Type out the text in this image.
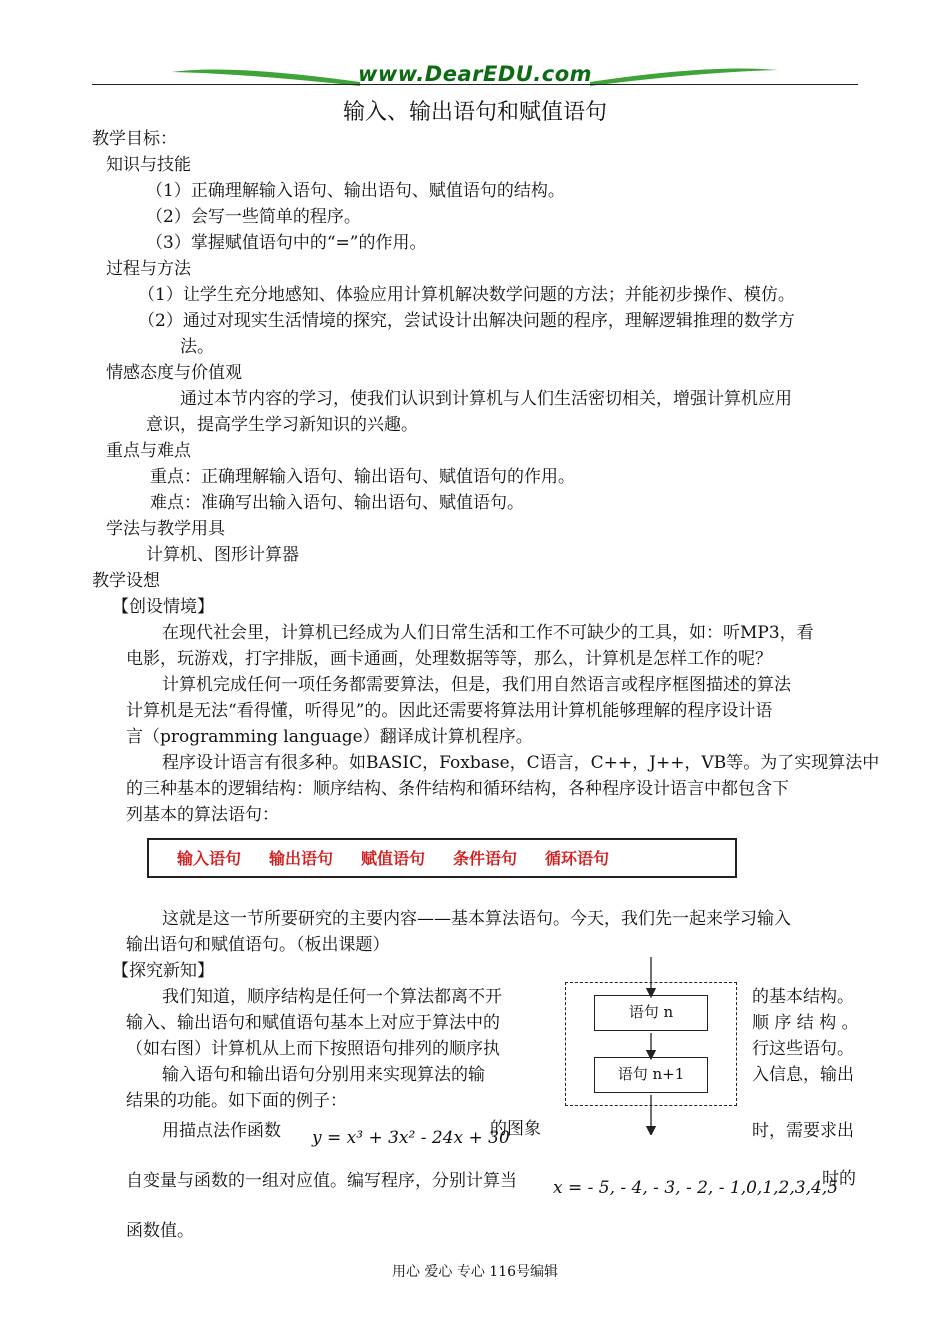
www.DearEDU.com
输入、输出语句和赋值语句
教学目标：
知识与技能
（1）正确理解输入语句、输出语句、赋值语句的结构。
（2）会写一些简单的程序。
（3）掌握赋值语句中的“=”的作用。
过程与方法
（1）让学生充分地感知、体验应用计算机解决数学问题的方法；并能初步操作、模仿。
（2）通过对现实生活情境的探究，尝试设计出解决问题的程序，理解逻辑推理的数学方
法。
情感态度与价值观
通过本节内容的学习，使我们认识到计算机与人们生活密切相关，增强计算机应用
意识，提高学生学习新知识的兴趣。
重点与难点
重点：正确理解输入语句、输出语句、赋值语句的作用。
难点：准确写出输入语句、输出语句、赋值语句。
学法与教学用具
计算机、图形计算器
教学设想
【创设情境】
在现代社会里，计算机已经成为人们日常生活和工作不可缺少的工具，如：听MP3，看
电影，玩游戏，打字排版，画卡通画，处理数据等等，那么，计算机是怎样工作的呢？
计算机完成任何一项任务都需要算法，但是，我们用自然语言或程序框图描述的算法
计算机是无法“看得懂，听得见”的。因此还需要将算法用计算机能够理解的程序设计语
言（programming language）翻译成计算机程序。
程序设计语言有很多种。如BASIC，Foxbase，C语言，C++，J++，VB等。为了实现算法中
的三种基本的逻辑结构：顺序结构、条件结构和循环结构，各种程序设计语言中都包含下
列基本的算法语句：
输入语句 输出语句 赋值语句 条件语句 循环语句
这就是这一节所要研究的主要内容——基本算法语句。今天，我们先一起来学习输入
输出语句和赋值语句。（板出课题）
【探究新知】
我们知道，顺序结构是任何一个算法都离不开	的基本结构。
输入、输出语句和赋值语句基本上对应于算法中的	顺 序 结 构 。
（如右图）计算机从上而下按照语句排列的顺序执	行这些语句。
输入语句和输出语句分别用来实现算法的输	入信息，输出
结果的功能。如下面的例子：
语句 n
语句 n+1
用描点法作函数 y = x³ + 3x² - 24x + 30
的图象	时，需要求出
自变量与函数的一组对应值。编写程序，分别计算当 x = - 5, - 4, - 3, - 2, - 1,0,1,2,3,4,5
时的
函数值。
用心 爱心 专心 116号编辑
